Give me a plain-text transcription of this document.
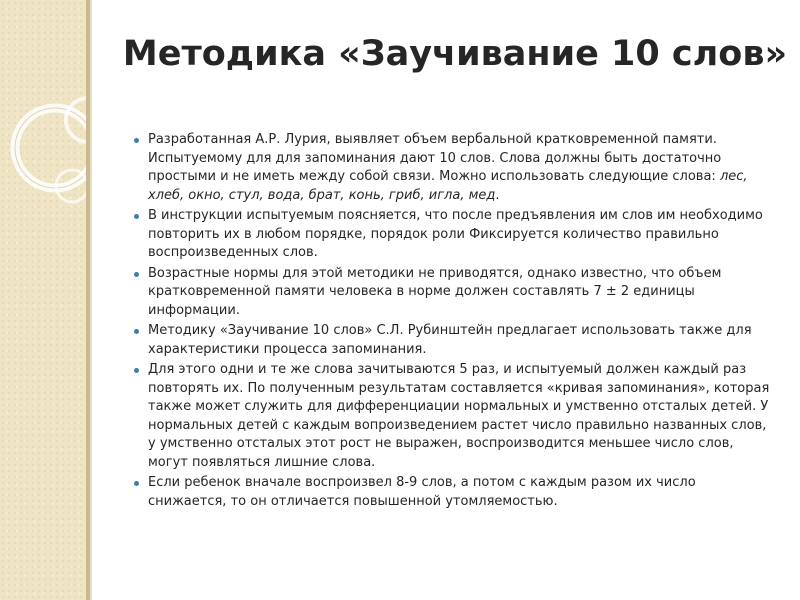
Методика «Заучивание 10 слов»
Разработанная А.Р. Лурия, выявляет объем вербальной кратковременной памяти. Испытуемому для для запоминания дают 10 слов. Слова должны быть достаточно простыми и не иметь между собой связи. Можно использовать следующие слова: лес, хлеб, окно, стул, вода, брат, конь, гриб, игла, мед.
В инструкции испытуемым поясняется, что после предъявления им слов им необходимо повторить их в любом порядке, порядок роли Фиксируется количество правильно воспроизведенных слов.
Возрастные нормы для этой методики не приводятся, однако известно, что объем кратковременной памяти человека в норме должен составлять 7 ± 2 единицы информации.
Методику «Заучивание 10 слов» С.Л. Рубинштейн предлагает использовать также для характеристики процесса запоминания.
Для этого одни и те же слова зачитываются 5 раз, и испытуемый должен каждый раз повторять их. По полученным результатам составляется «кривая запоминания», которая также может служить для дифференциации нормальных и умственно отсталых детей. У нормальных детей с каждым вопроизведением растет число правильно названных слов, у умственно отсталых этот рост не выражен, воспроизводится меньшее число слов, могут появляться лишние слова.
Если ребенок вначале воспроизвел 8-9 слов, а потом с каждым разом их число снижается, то он отличается повышенной утомляемостью.
